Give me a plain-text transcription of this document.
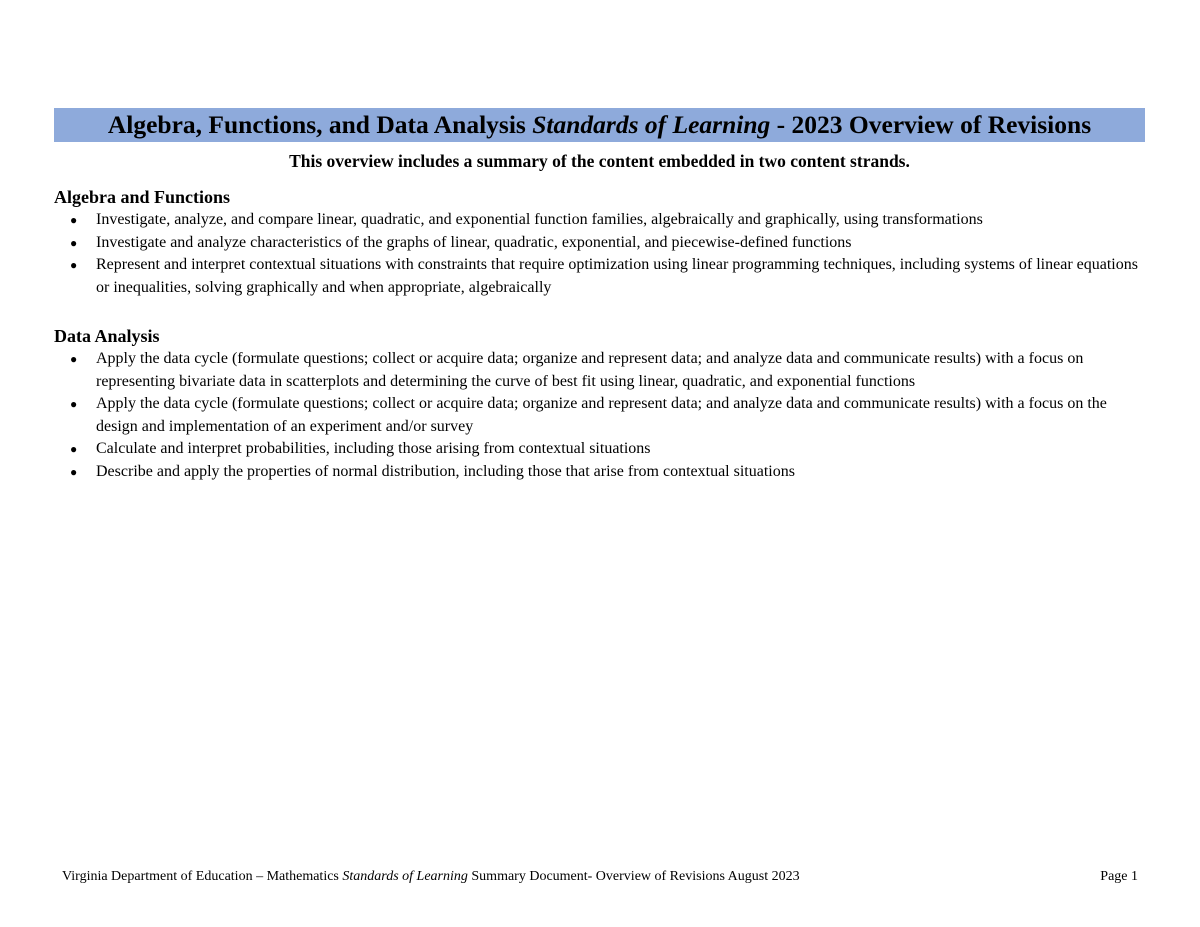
Algebra, Functions, and Data Analysis Standards of Learning - 2023 Overview of Revisions
This overview includes a summary of the content embedded in two content strands.
Algebra and Functions
● Investigate, analyze, and compare linear, quadratic, and exponential function families, algebraically and graphically, using transformations
● Investigate and analyze characteristics of the graphs of linear, quadratic, exponential, and piecewise-defined functions
● Represent and interpret contextual situations with constraints that require optimization using linear programming techniques, including systems of linear equations or inequalities, solving graphically and when appropriate, algebraically
Data Analysis
● Apply the data cycle (formulate questions; collect or acquire data; organize and represent data; and analyze data and communicate results) with a focus on representing bivariate data in scatterplots and determining the curve of best fit using linear, quadratic, and exponential functions
● Apply the data cycle (formulate questions; collect or acquire data; organize and represent data; and analyze data and communicate results) with a focus on the design and implementation of an experiment and/or survey
● Calculate and interpret probabilities, including those arising from contextual situations
● Describe and apply the properties of normal distribution, including those that arise from contextual situations
Virginia Department of Education – Mathematics Standards of Learning Summary Document- Overview of Revisions August 2023	Page 1
